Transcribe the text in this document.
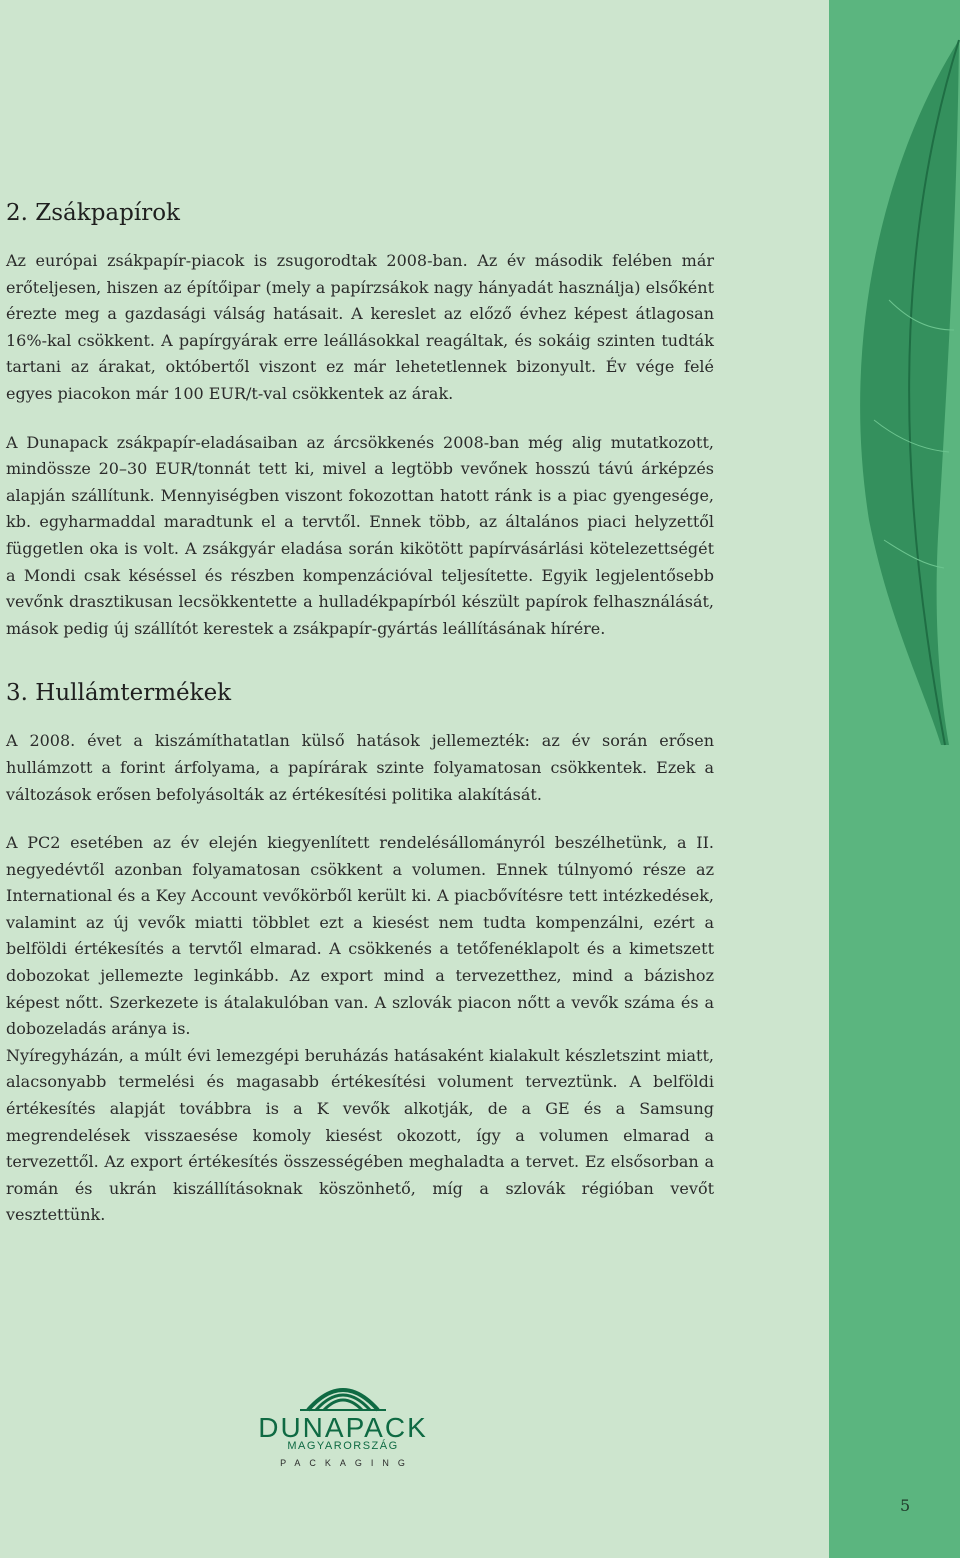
2. Zsákpapírok

Az európai zsákpapír-piacok is zsugorodtak 2008-ban. Az év második felében már erőteljesen, hiszen az építőipar (mely a papírzsákok nagy hányadát használja) elsőként érezte meg a gazdasági válság hatásait. A kereslet az előző évhez képest átlagosan 16%-kal csökkent. A papírgyárak erre leállásokkal reagáltak, és sokáig szinten tudták tartani az árakat, októbertől viszont ez már lehetetlennek bizonyult. Év vége felé egyes piacokon már 100 EUR/t-val csökkentek az árak.

A Dunapack zsákpapír-eladásaiban az árcsökkenés 2008-ban még alig mutatkozott, mindössze 20–30 EUR/tonnát tett ki, mivel a legtöbb vevőnek hosszú távú árképzés alapján szállítunk. Mennyiségben viszont fokozottan hatott ránk is a piac gyengesége, kb. egyharmaddal maradtunk el a tervtől. Ennek több, az általános piaci helyzettől független oka is volt. A zsákgyár eladása során kikötött papírvásárlási kötelezettségét a Mondi csak késéssel és részben kompenzációval teljesítette. Egyik legjelentősebb vevőnk drasztikusan lecsökkentette a hulladékpapírból készült papírok felhasználását, mások pedig új szállítót kerestek a zsákpapír-gyártás leállításának hírére.

3. Hullámtermékek

A 2008. évet a kiszámíthatatlan külső hatások jellemezték: az év során erősen hullámzott a forint árfolyama, a papírárak szinte folyamatosan csökkentek. Ezek a változások erősen befolyásolták az értékesítési politika alakítását.

A PC2 esetében az év elején kiegyenlített rendelésállományról beszélhetünk, a II. negyedévtől azonban folyamatosan csökkent a volumen. Ennek túlnyomó része az International és a Key Account vevőkörből került ki. A piacbővítésre tett intézkedések, valamint az új vevők miatti többlet ezt a kiesést nem tudta kompenzálni, ezért a belföldi értékesítés a tervtől elmarad. A csökkenés a tetőfenéklapolt és a kimetszett dobozokat jellemezte leginkább. Az export mind a tervezetthez, mind a bázishoz képest nőtt. Szerkezete is átalakulóban van. A szlovák piacon nőtt a vevők száma és a dobozeladás aránya is.

Nyíregyházán, a múlt évi lemezgépi beruházás hatásaként kialakult készletszint miatt, alacsonyabb termelési és magasabb értékesítési volument terveztünk. A belföldi értékesítés alapját továbbra is a K vevők alkotják, de a GE és a Samsung megrendelések visszaesése komoly kiesést okozott, így a volumen elmarad a tervezettől. Az export értékesítés összességében meghaladta a tervet. Ez elsősorban a román és ukrán kiszállításoknak köszönhető, míg a szlovák régióban vevőt vesztettünk.

DUNAPACK
MAGYARORSZÁG
PACKAGING
5
